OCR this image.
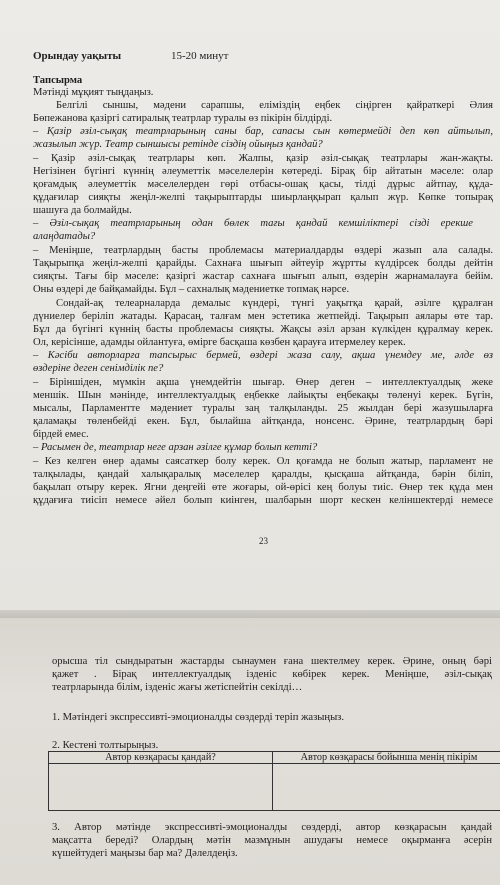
Орындау уақыты	15-20 минут
Тапсырма
Мәтінді мұқият тыңдаңыз.
Белгілі сыншы, мәдени сарапшы, еліміздің еңбек сіңірген қайраткері Әлия
Бөпежанова қазіргі сатиралық театрлар туралы өз пікірін білдірді.
– Қазір әзіл-сықақ театрларының саны бар, сапасы сын көтермейді деп көп айтылып,
жазылып жүр. Театр сыншысы ретінде сіздің ойыңыз қандай?
– Қазір әзіл-сықақ театрлары көп. Жалпы, қазір әзіл-сықақ театрлары жан-жақты.
Негізінен бүгінгі күннің әлеуметтік мәселелерін көтереді. Бірақ бір айтатын мәселе: олар
қоғамдық әлеуметтік мәселелерден гөрі отбасы-ошақ қасы, тілді дұрыс айтпау, құда-
құдағилар сияқты жеңіл-желпі тақырыптарды шиырлаңқырап қалып жүр. Көпке топырақ
шашуға да болмайды.
– Әзіл-сықақ театрларының одан бөлек тағы қандай кемшіліктері сізді ерекше
алаңдатады?
– Меніңше, театрлардың басты проблемасы материалдарды өздері жазып ала салады.
Тақырыпқа жеңіл-желпі қарайды. Сахнаға шығып әйтеуір жұртты күлдірсек болды дейтін
сияқты. Тағы бір мәселе: қазіргі жастар сахнаға шығып алып, өздерін жарнамалауға бейім.
Оны өздері де байқамайды. Бұл – сахналық мәдениетке топмақ нәрсе.
Сондай-ақ телеарналарда демалыс күндері, түнгі уақытқа қарай, әзілге құралған
дүниелер беріліп жатады. Қарасаң, талғам мен эстетика жетпейді. Тақырып аялары өте тар.
Бұл да бүгінгі күннің басты проблемасы сияқты. Жақсы әзіл арзан күлкіден құралмау керек.
Ол, керісінше, адамды ойлантуға, өмірге басқаша көзбен қарауға итермелеу керек.
– Кәсіби авторларға тапсырыс бермей, өздері жаза салу, ақша үнемдеу ме, әлде өз
өздеріне деген сенімділік пе?
– Біріншіден, мүмкін ақша үнемдейтін шығар. Өнер деген – интеллектуалдық жеке
меншік. Шын мәнінде, интеллектуалдық еңбекке лайықты еңбекақы төленуі керек. Бүгін,
мысалы, Парламентте мәдениет туралы заң талқыланды. 25 жылдан бері жазушыларға
қаламақы төленбейді екен. Бұл, былайша айтқанда, нонсенс. Әрине, театрлардың бәрі
бірдей емес.
– Расымен де, театрлар неге арзан әзілге құмар болып кетті?
– Кез келген өнер адамы саясаткер болу керек. Ол қоғамда не болып жатыр, парламент не
талқылады, қандай халықаралық мәселелер қаралды, қысқаша айтқанда, бәрін біліп,
бақылап отыру керек. Ягни деңгейі өте жоғары, ой-өрісі кең болуы тиіс. Өнер тек құда мен
құдағиға тиісіп немесе әйел болып киінген, шалбарын шорт кескен келіншектерді немесе
23
орысша тіл сындыратын жастарды сынаумен ғана шектелмеу керек. Әрине, оның бәрі
қажет . Бірақ интеллектуалдық ізденіс көбірек керек. Меніңше, әзіл-сықақ
театрларында білім, ізденіс жағы жетіспейтін секілді…
1. Мәтіндегі экспрессивті-эмоционалды сөздерді теріп жазыңыз.
2. Кестені толтырыңыз.
3. Автор мәтінде экспрессивті-эмоционалды сөздерді, автор көзқарасын қандай
мақсатта береді? Олардың мәтін мазмұнын ашудағы немесе оқырманға әсерін
күшейтудегі маңызы бар ма? Дәлелдеңіз.
Автор көзқарасы қандай?	Автор көзқарасы бойынша менің пікірім
